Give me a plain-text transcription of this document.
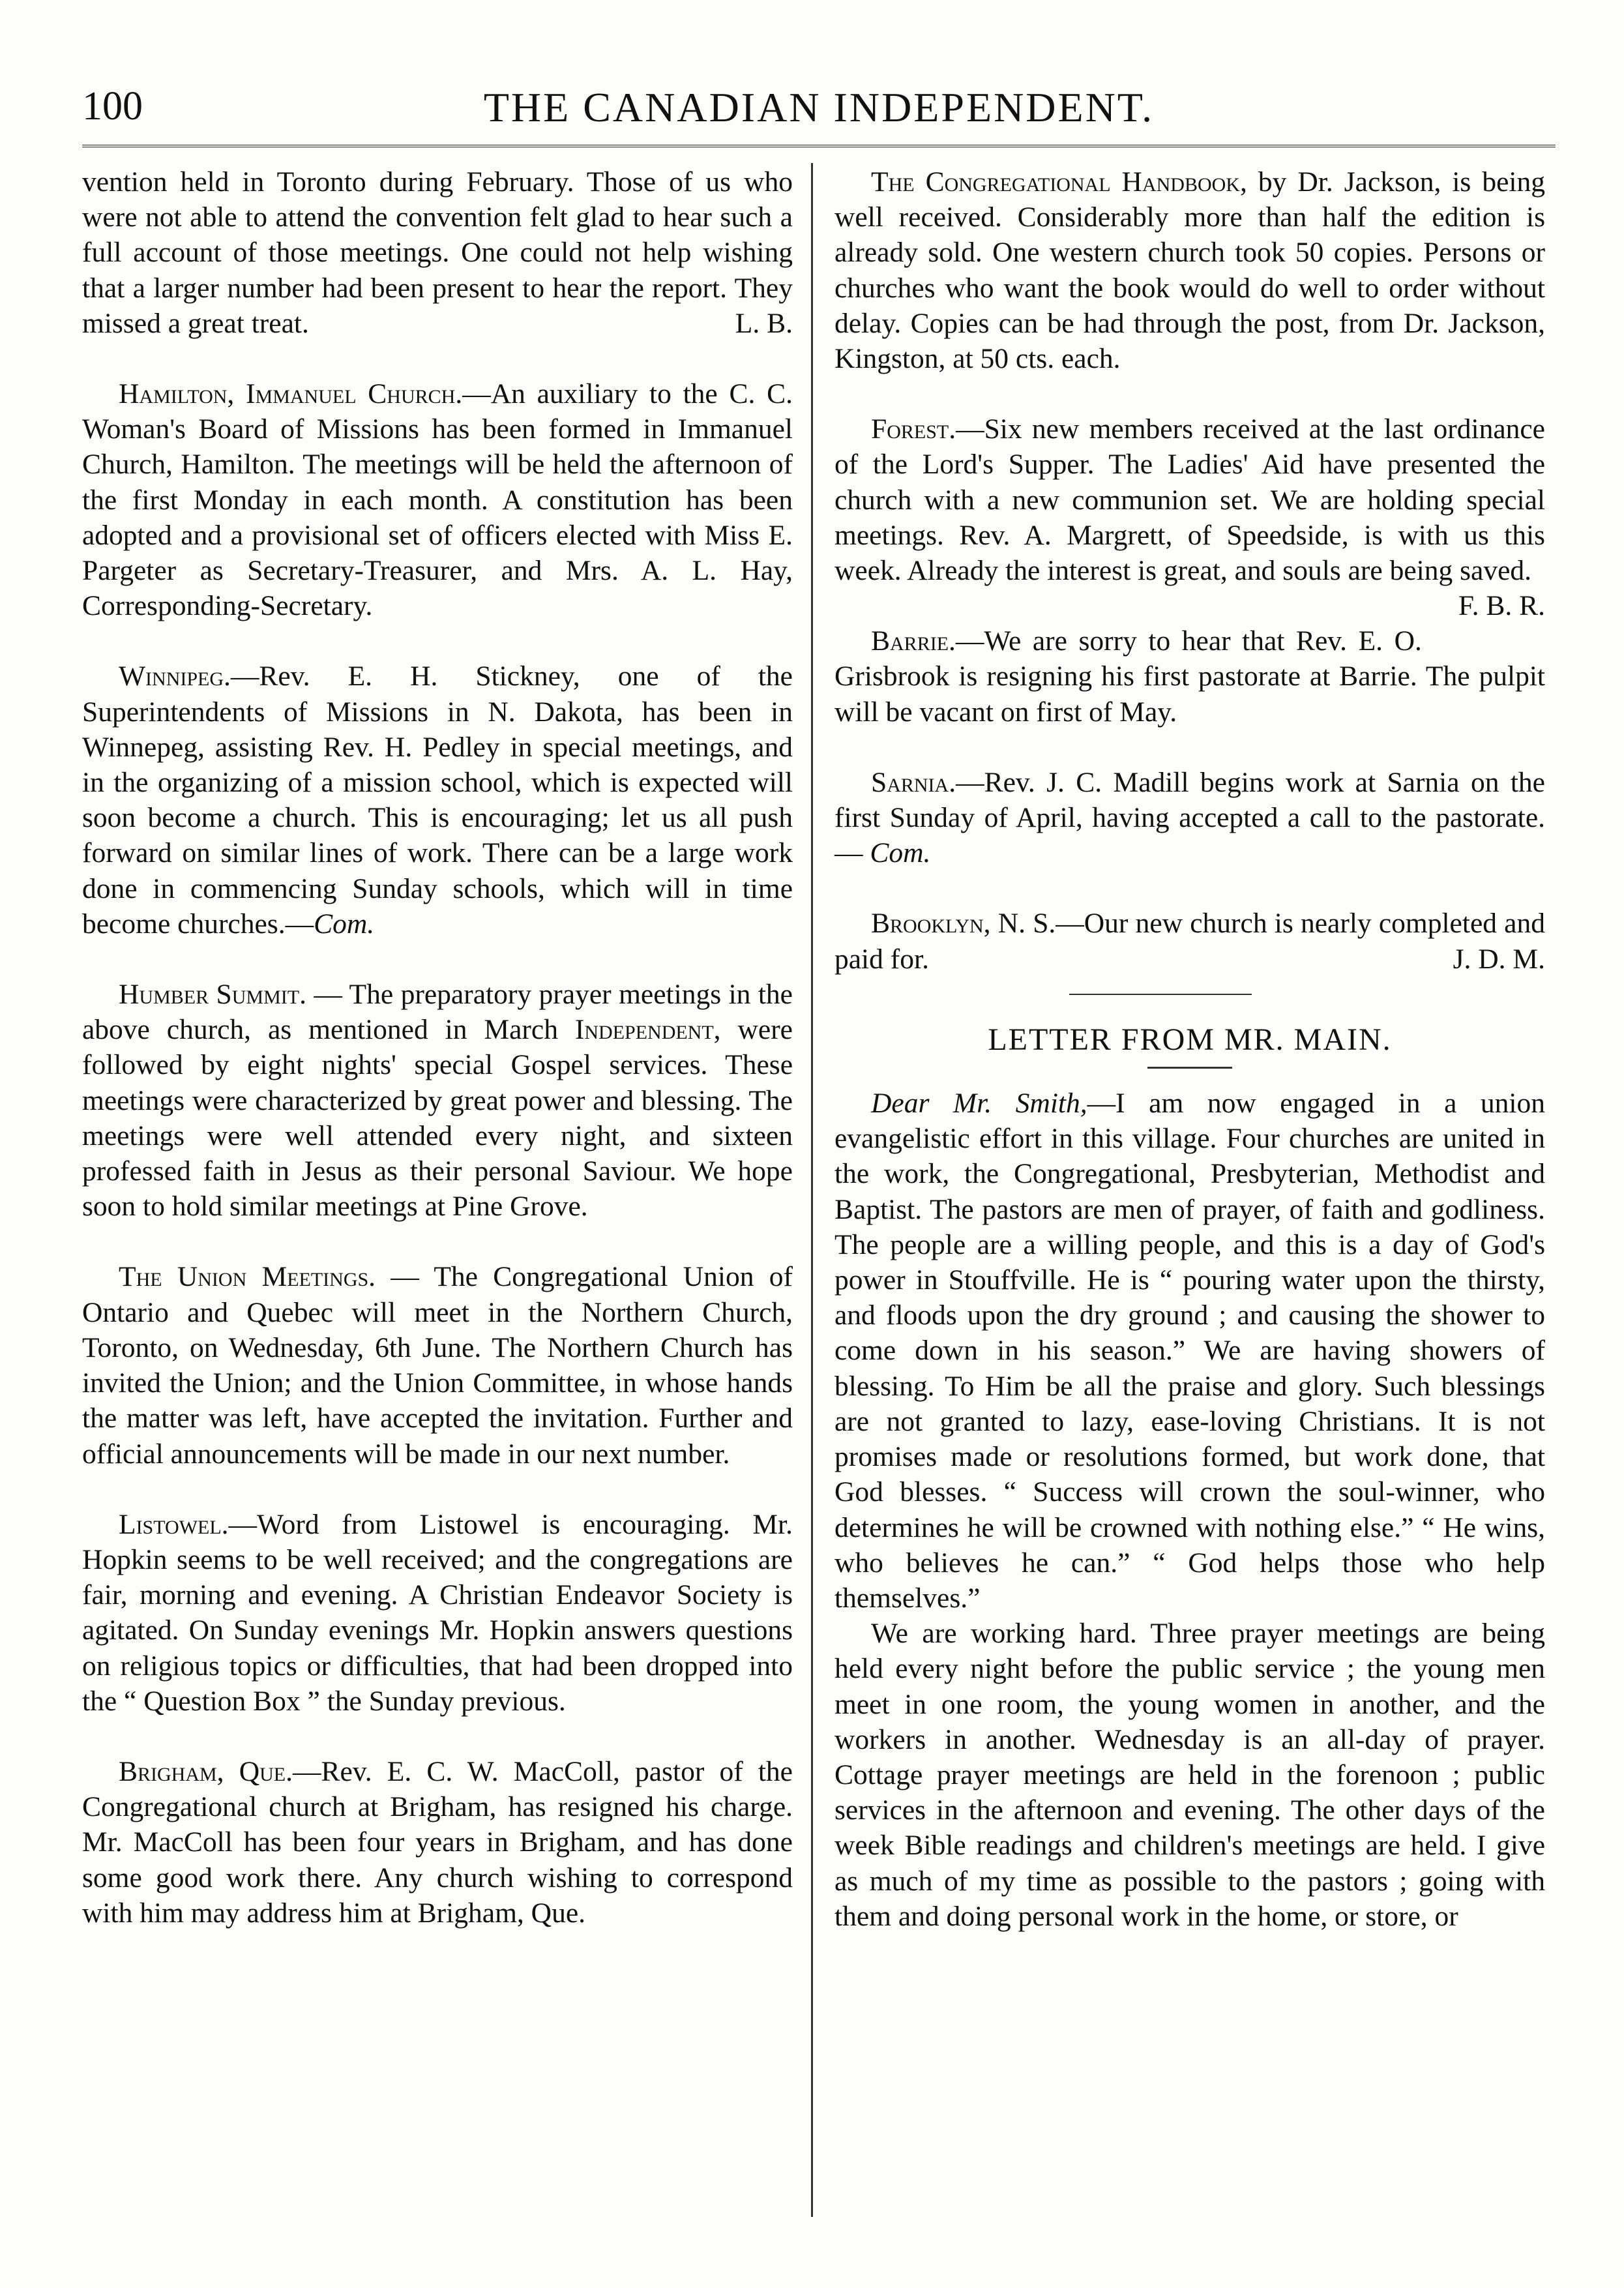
100	THE CANADIAN INDEPENDENT.

vention held in Toronto during February. Those of us who were not able to attend the convention felt glad to hear such a full account of those meetings. One could not help wishing that a larger number had been present to hear the report. They missed a great treat.	L. B.

Hamilton, Immanuel Church.—An auxiliary to the C. C. Woman's Board of Missions has been formed in Immanuel Church, Hamilton. The meetings will be held the afternoon of the first Monday in each month. A constitution has been adopted and a provisional set of officers elected with Miss E. Pargeter as Secretary-Treasurer, and Mrs. A. L. Hay, Corresponding-Secretary.

Winnipeg.—Rev. E. H. Stickney, one of the Superintendents of Missions in N. Dakota, has been in Winnepeg, assisting Rev. H. Pedley in special meetings, and in the organizing of a mission school, which is expected will soon become a church. This is encouraging; let us all push forward on similar lines of work. There can be a large work done in commencing Sunday schools, which will in time become churches.—Com.

Humber Summit. — The preparatory prayer meetings in the above church, as mentioned in March Independent, were followed by eight nights' special Gospel services. These meetings were characterized by great power and blessing. The meetings were well attended every night, and sixteen professed faith in Jesus as their personal Saviour. We hope soon to hold similar meetings at Pine Grove.

The Union Meetings. — The Congregational Union of Ontario and Quebec will meet in the Northern Church, Toronto, on Wednesday, 6th June. The Northern Church has invited the Union; and the Union Committee, in whose hands the matter was left, have accepted the invitation. Further and official announcements will be made in our next number.

Listowel.—Word from Listowel is encouraging. Mr. Hopkin seems to be well received; and the congregations are fair, morning and evening. A Christian Endeavor Society is agitated. On Sunday evenings Mr. Hopkin answers questions on religious topics or difficulties, that had been dropped into the “ Question Box ” the Sunday previous.

Brigham, Que.—Rev. E. C. W. MacColl, pastor of the Congregational church at Brigham, has resigned his charge. Mr. MacColl has been four years in Brigham, and has done some good work there. Any church wishing to correspond with him may address him at Brigham, Que.

The Congregational Handbook, by Dr. Jackson, is being well received. Considerably more than half the edition is already sold. One western church took 50 copies. Persons or churches who want the book would do well to order without delay. Copies can be had through the post, from Dr. Jackson, Kingston, at 50 cts. each.

Forest.—Six new members received at the last ordinance of the Lord's Supper. The Ladies' Aid have presented the church with a new communion set. We are holding special meetings. Rev. A. Margrett, of Speedside, is with us this week. Already the interest is great, and souls are being saved.
F. B. R.

Barrie.—We are sorry to hear that Rev. E. O. Grisbrook is resigning his first pastorate at Barrie. The pulpit will be vacant on first of May.

Sarnia.—Rev. J. C. Madill begins work at Sarnia on the first Sunday of April, having accepted a call to the pastorate.— Com.

Brooklyn, N. S.—Our new church is nearly completed and paid for.	J. D. M.

LETTER FROM MR. MAIN.

Dear Mr. Smith,—I am now engaged in a union evangelistic effort in this village. Four churches are united in the work, the Congregational, Presbyterian, Methodist and Baptist. The pastors are men of prayer, of faith and godliness. The people are a willing people, and this is a day of God's power in Stouffville. He is “ pouring water upon the thirsty, and floods upon the dry ground ; and causing the shower to come down in his season.” We are having showers of blessing. To Him be all the praise and glory. Such blessings are not granted to lazy, ease-loving Christians. It is not promises made or resolutions formed, but work done, that God blesses. “ Success will crown the soul-winner, who determines he will be crowned with nothing else.” “ He wins, who believes he can.” “ God helps those who help themselves.”

We are working hard. Three prayer meetings are being held every night before the public service ; the young men meet in one room, the young women in another, and the workers in another. Wednesday is an all-day of prayer. Cottage prayer meetings are held in the forenoon ; public services in the afternoon and evening. The other days of the week Bible readings and children's meetings are held. I give as much of my time as possible to the pastors ; going with them and doing personal work in the home, or store, or
